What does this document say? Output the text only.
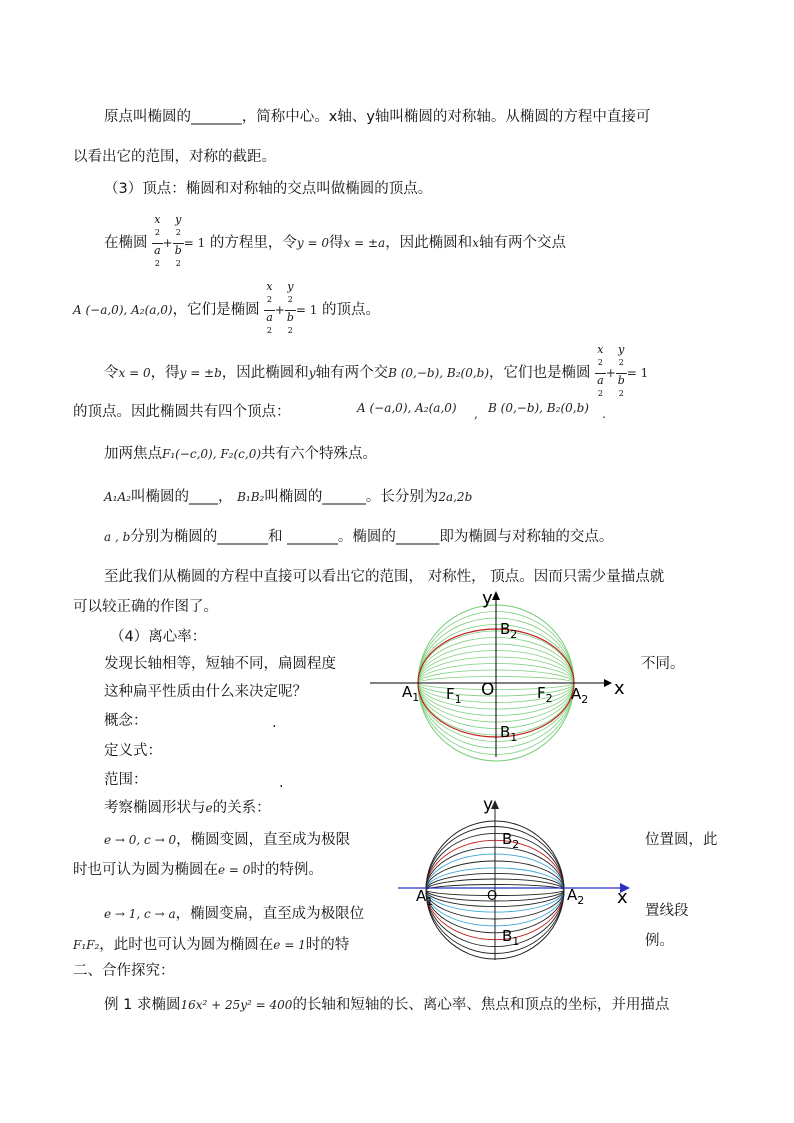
原点叫椭圆的_______，简称中心。x轴、y轴叫椭圆的对称轴。从椭圆的方程中直接可
以看出它的范围，对称的截距。
（3）顶点：椭圆和对称轴的交点叫做椭圆的顶点。
在椭圆 x
$^2$
a
$^2$ + y
$^2$
b
$^2$ = 1 的方程里，令y = 0得x = ±a，因此椭圆和x轴有两个交点
A (−a,0), A₂(a,0)，它们是椭圆 x
$^2$
a
$^2$ + y
$^2$
b
$^2$ = 1 的顶点。
令x = 0，得y = ±b，因此椭圆和y轴有两个交B (0,−b), B₂(0,b)，它们也是椭圆 x
$^2$
a
$^2$ + y
$^2$
b
$^2$ = 1
的顶点。因此椭圆共有四个顶点：	A (−a,0), A₂(a,0)	B (0,−b), B₂(0,b)
,	.
加两焦点F₁(−c,0), F₂(c,0)共有六个特殊点。
A₁A₂叫椭圆的____， B₁B₂叫椭圆的______。长分别为2a,2b
a , b分别为椭圆的_______和 _______。椭圆的______即为椭圆与对称轴的交点。
至此我们从椭圆的方程中直接可以看出它的范围， 对称性， 顶点。因而只需少量描点就
可以较正确的作图了。
（4）离心率：
发现长轴相等，短轴不同，扁圆程度	不同。
这种扁平性质由什么来决定呢？
概念：	.
定义式：
范围：	.
考察椭圆形状与e的关系：
e → 0, c → 0，椭圆变圆，直至成为极限	位置圆，此
时也可认为圆为椭圆在e = 0时的特例。
e → 1, c → a，椭圆变扁，直至成为极限位	置线段
F₁F₂，此时也可认为圆为椭圆在e = 1时的特	例。
二、合作探究：
例 1 求椭圆16x² + 25y² = 400的长轴和短轴的长、离心率、焦点和顶点的坐标，并用描点
y
x
O
$A_1$	$A_2$
$B_2$
$B_1$
$F_1$	$F_2$
y
x
O
$A_1$	$A_2$
$B_2$
$B_1$
